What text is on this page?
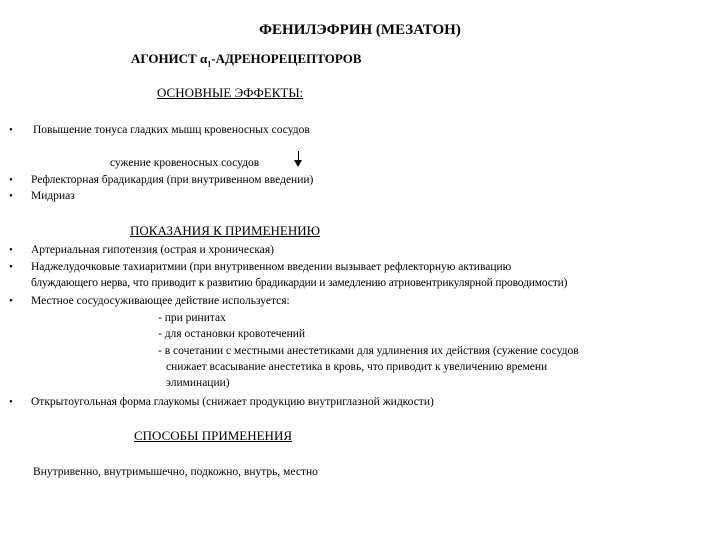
ФЕНИЛЭФРИН (МЕЗАТОН)
АГОНИСТ $\alpha_1$-АДРЕНОРЕЦЕПТОРОВ
ОСНОВНЫЕ ЭФФЕКТЫ:
• Повышение тонуса гладких мышц кровеносных сосудов
сужение кровеносных сосудов
• Рефлекторная брадикардия (при внутривенном введении)
• Мидриаз
ПОКАЗАНИЯ К ПРИМЕНЕНИЮ
• Артериальная гипотензия (острая и хроническая)
• Наджелудочковые тахиаритмии (при внутривенном введении вызывает рефлекторную активацию
блуждающего нерва, что приводит к развитию брадикардии и замедлению атриовентрикулярной проводимости)
• Местное сосудосуживающее действие используется:
- при ринитах
- для остановки кровотечений
- в сочетании с местными анестетиками для удлинения их действия (сужение сосудов
снижает всасывание анестетика в кровь, что приводит к увеличению времени
элиминации)
• Открытоугольная форма глаукомы (снижает продукцию внутриглазной жидкости)
СПОСОБЫ ПРИМЕНЕНИЯ
Внутривенно, внутримышечно, подкожно, внутрь, местно
